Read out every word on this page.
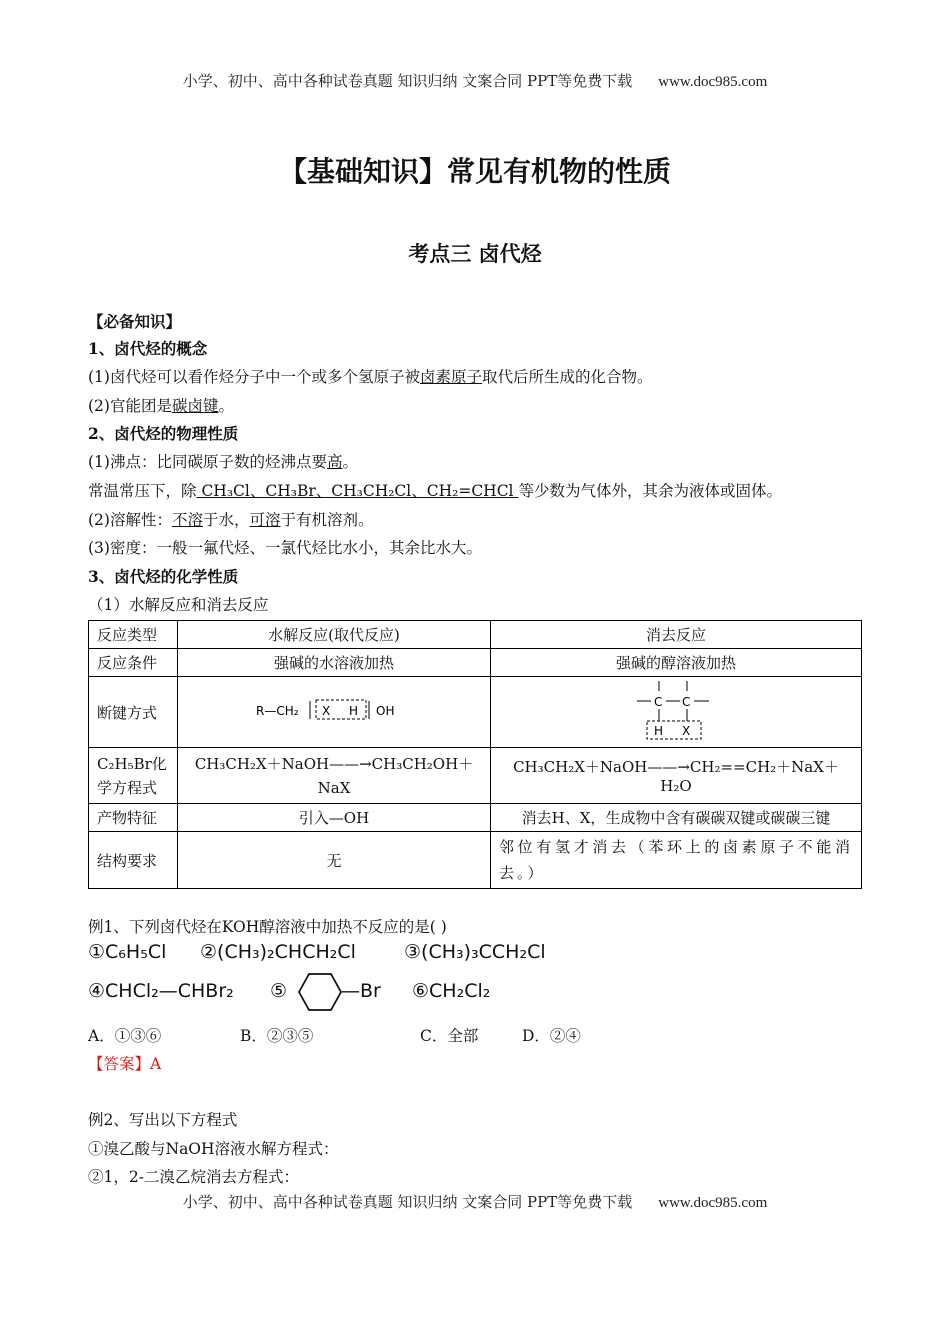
小学、初中、高中各种试卷真题 知识归纳 文案合同 PPT等免费下载 www.doc985.com
【基础知识】常见有机物的性质
考点三 卤代烃
【必备知识】
1、卤代烃的概念
(1)卤代烃可以看作烃分子中一个或多个氢原子被卤素原子取代后所生成的化合物。
(2)官能团是碳卤键。
2、卤代烃的物理性质
(1)沸点：比同碳原子数的烃沸点要高。
常温常压下，除 CH₃Cl、CH₃Br、CH₃CH₂Cl、CH₂=CHCl 等少数为气体外，其余为液体或固体。
(2)溶解性：不溶于水，可溶于有机溶剂。
(3)密度：一般一氟代烃、一氯代烃比水小，其余比水大。
3、卤代烃的化学性质
（1）水解反应和消去反应
反应类型	水解反应(取代反应)	消去反应
反应条件	强碱的水溶液加热	强碱的醇溶液加热
断键方式	R—CH₂ X H OH	C C
H X

C₂H₅Br化学方程式	CH₃CH₂X＋NaOH——→CH₃CH₂OH＋
NaX	CH₃CH₂X＋NaOH——→CH₂==CH₂＋NaX＋H₂O
产物特征	引入—OH	消去H、X，生成物中含有碳碳双键或碳碳三键
结构要求	无	邻位有氢才消去（苯环上的卤素原子不能消去。）
例1、下列卤代烃在KOH醇溶液中加热不反应的是( )
①C₆H₅Cl ②(CH₃)₂CHCH₂Cl	③(CH₃)₃CCH₂Cl
④CHCl₂—CHBr₂ ⑤	—Br ⑥CH₂Cl₂
A．①③⑥	B．②③⑤	C．全部	D．②④
【答案】A
例2、写出以下方程式
①溴乙酸与NaOH溶液水解方程式：
②1，2-二溴乙烷消去方程式：
小学、初中、高中各种试卷真题 知识归纳 文案合同 PPT等免费下载 www.doc985.com
